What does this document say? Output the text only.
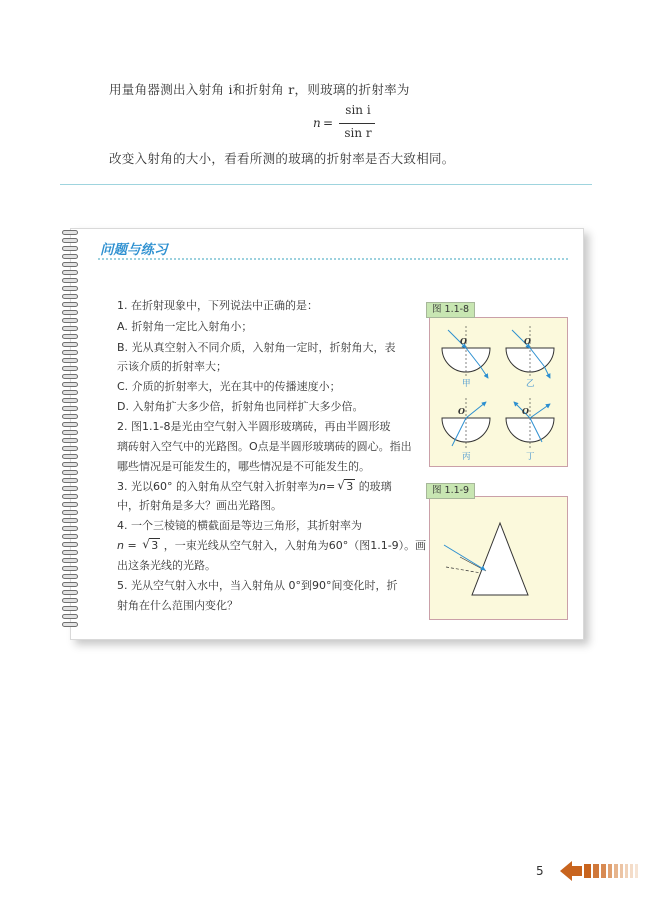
用量角器测出入射角 i和折射角 r，则玻璃的折射率为
n =
sin i
sin r
改变入射角的大小，看看所测的玻璃的折射率是否大致相同。
问题与练习
1. 在折射现象中，下列说法中正确的是：
A. 折射角一定比入射角小；
B. 光从真空射入不同介质，入射角一定时，折射角大，表
示该介质的折射率大；
C. 介质的折射率大，光在其中的传播速度小；
D. 入射角扩大多少倍，折射角也同样扩大多少倍。
2. 图1.1-8是光由空气射入半圆形玻璃砖，再由半圆形玻
璃砖射入空气中的光路图。O点是半圆形玻璃砖的圆心。指出
哪些情况是可能发生的，哪些情况是不可能发生的。
3. 光以60° 的入射角从空气射入折射率为n= √ 3 的玻璃
中，折射角是多大？画出光路图。
4. 一个三棱镜的横截面是等边三角形，其折射率为
n = √ 3 ，一束光线从空气射入，入射角为60°（图1.1-9）。画
出这条光线的光路。
5. 光从空气射入水中，当入射角从 0°到90°间变化时，折
射角在什么范围内变化？
O
甲
O
乙
O
丙
O
丁
图 1.1-8
图 1.1-9
5
